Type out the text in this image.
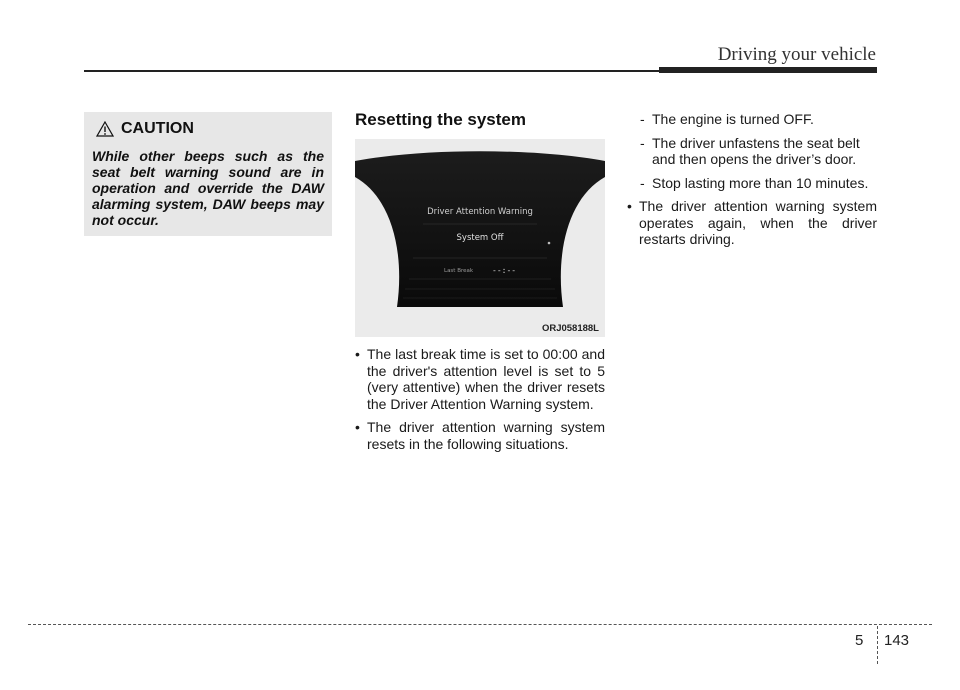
Driving your vehicle
CAUTION
While other beeps such as the seat belt warning sound are in operation and override the DAW alarming system, DAW beeps may not occur.
Resetting the system
Driver Attention Warning
System Off
Last Break --:--
ORJ058188L
• The last break time is set to 00:00 and the driver's attention level is set to 5 (very attentive) when the driver resets the Driver Attention Warning system.
• The driver attention warning system resets in the following situations.
- The engine is turned OFF.
- The driver unfastens the seat belt and then opens the driver’s door.
- Stop lasting more than 10 minutes.
• The driver attention warning system operates again, when the driver restarts driving.
5 143
